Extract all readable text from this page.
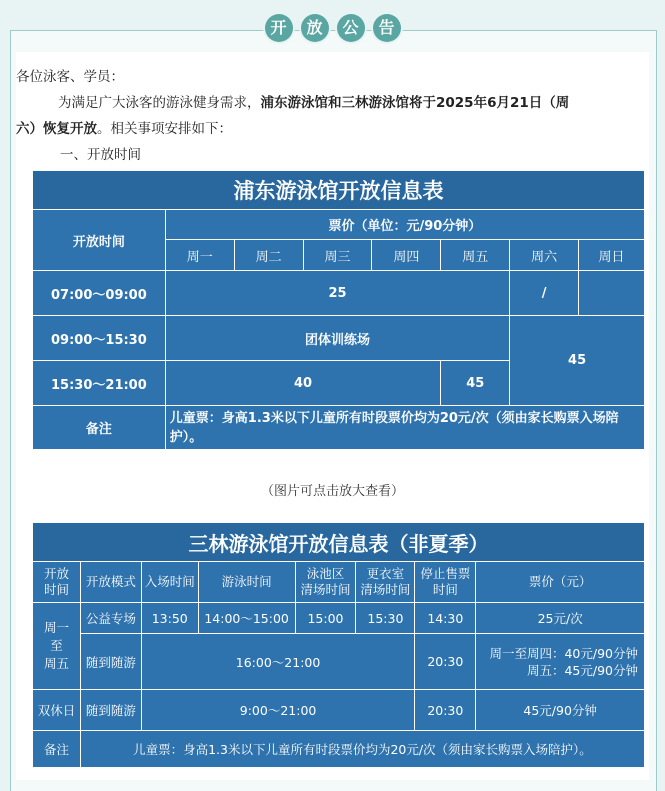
开 放 公 告
各位泳客、学员：
为满足广大泳客的游泳健身需求，浦东游泳馆和三林游泳馆将于2025年6月21日（周
六）恢复开放。相关事项安排如下：
一、开放时间
浦东游泳馆开放信息表							
开放时间	票价（单位：元/90分钟）						
	周一	周二	周三	周四	周五	周六	周日
07:00～09:00	25					/	
09:00～15:30	团体训练场					45	
15:30～21:00	40				45		
备注	儿童票：身高1.3米以下儿童所有时段票价均为20元/次（须由家长购票入场陪护）。						
（图片可点击放大查看）
三林游泳馆开放信息表（非夏季）							
开放
时间	开放模式	入场时间	游泳时间	泳池区
清场时间	更衣室
清场时间	停止售票
时间	票价（元）
周一
至
周五	公益专场	13:50	14:00～15:00	15:00	15:30	14:30	25元/次
	随到随游	16:00～21:00				20:30	周一至周四：40元/90分钟
周五：45元/90分钟
双休日	随到随游	9:00～21:00				20:30	45元/90分钟
备注	儿童票：身高1.3米以下儿童所有时段票价均为20元/次（须由家长购票入场陪护）。						
